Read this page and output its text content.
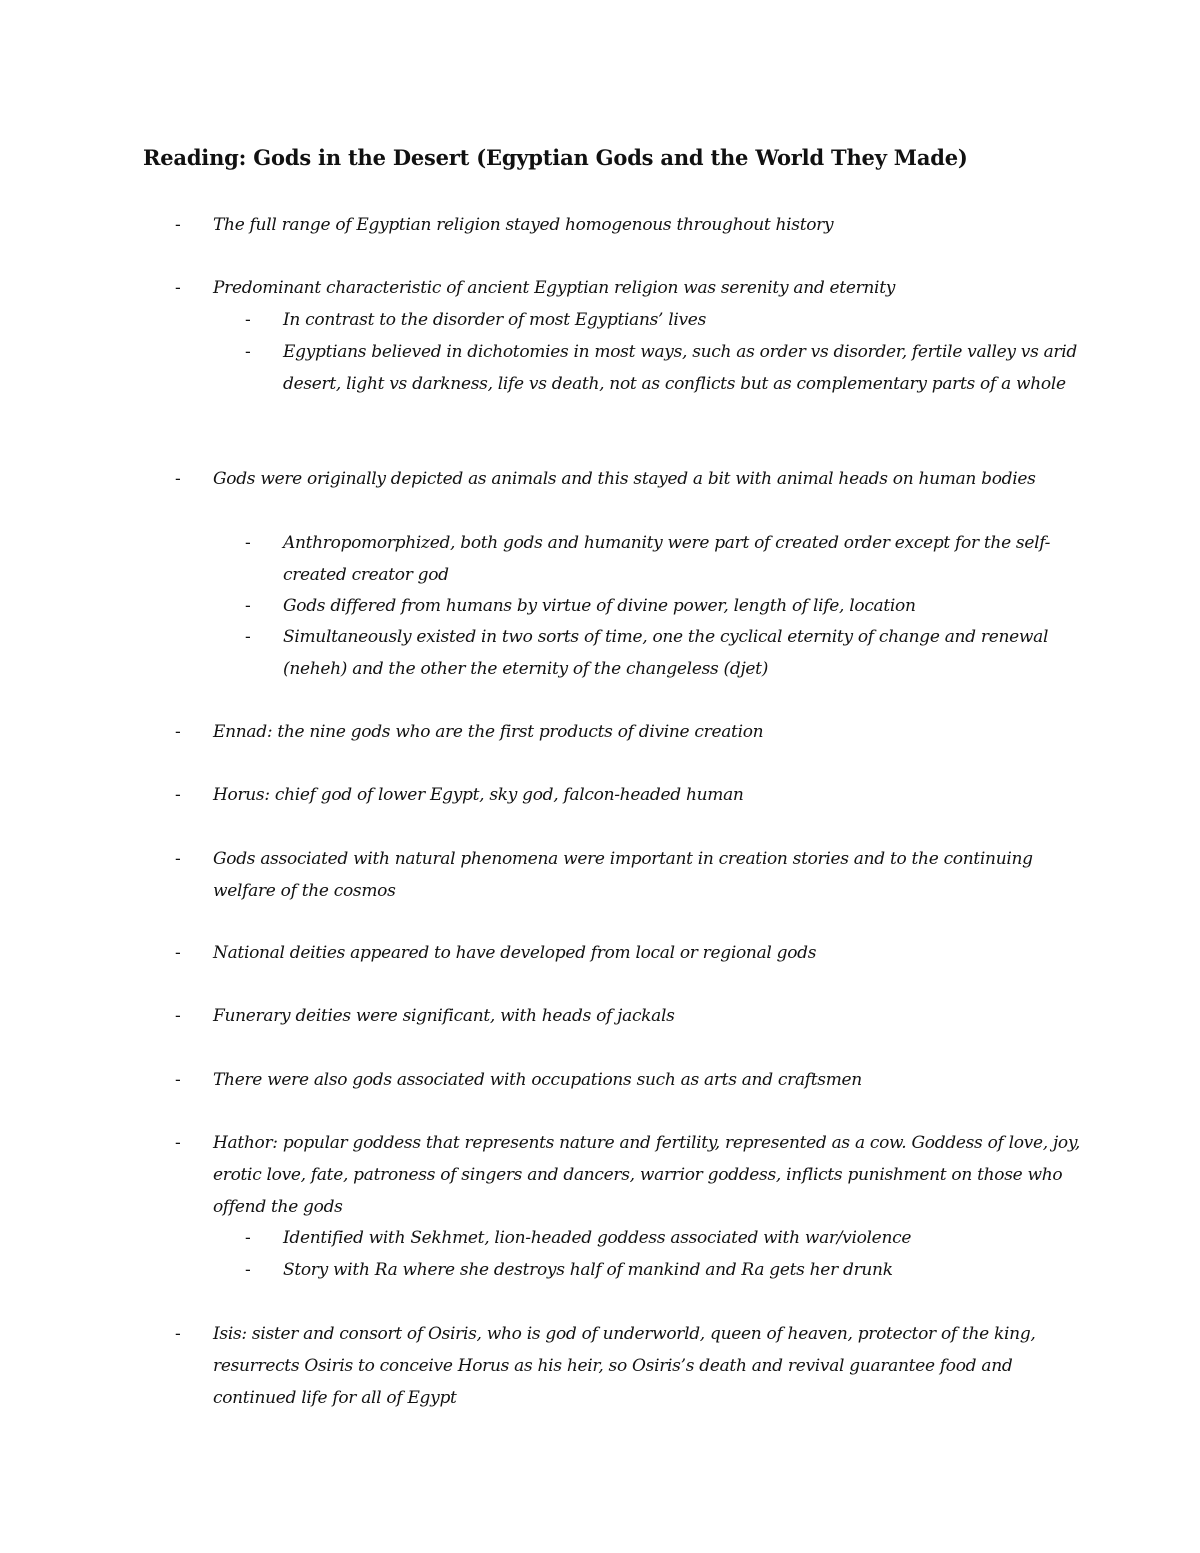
Reading: Gods in the Desert (Egyptian Gods and the World They Made)
- The full range of Egyptian religion stayed homogenous throughout history
- Predominant characteristic of ancient Egyptian religion was serenity and eternity
- In contrast to the disorder of most Egyptians’ lives
- Egyptians believed in dichotomies in most ways, such as order vs disorder, fertile valley vs arid desert, light vs darkness, life vs death, not as conflicts but as complementary parts of a whole
- Gods were originally depicted as animals and this stayed a bit with animal heads on human bodies
- Anthropomorphized, both gods and humanity were part of created order except for the self-created creator god
- Gods differed from humans by virtue of divine power, length of life, location
- Simultaneously existed in two sorts of time, one the cyclical eternity of change and renewal (neheh) and the other the eternity of the changeless (djet)
- Ennad: the nine gods who are the first products of divine creation
- Horus: chief god of lower Egypt, sky god, falcon-headed human
- Gods associated with natural phenomena were important in creation stories and to the continuing welfare of the cosmos
- National deities appeared to have developed from local or regional gods
- Funerary deities were significant, with heads of jackals
- There were also gods associated with occupations such as arts and craftsmen
- Hathor: popular goddess that represents nature and fertility, represented as a cow. Goddess of love, joy, erotic love, fate, patroness of singers and dancers, warrior goddess, inflicts punishment on those who offend the gods
- Identified with Sekhmet, lion-headed goddess associated with war/violence
- Story with Ra where she destroys half of mankind and Ra gets her drunk
- Isis: sister and consort of Osiris, who is god of underworld, queen of heaven, protector of the king, resurrects Osiris to conceive Horus as his heir, so Osiris’s death and revival guarantee food and continued life for all of Egypt
